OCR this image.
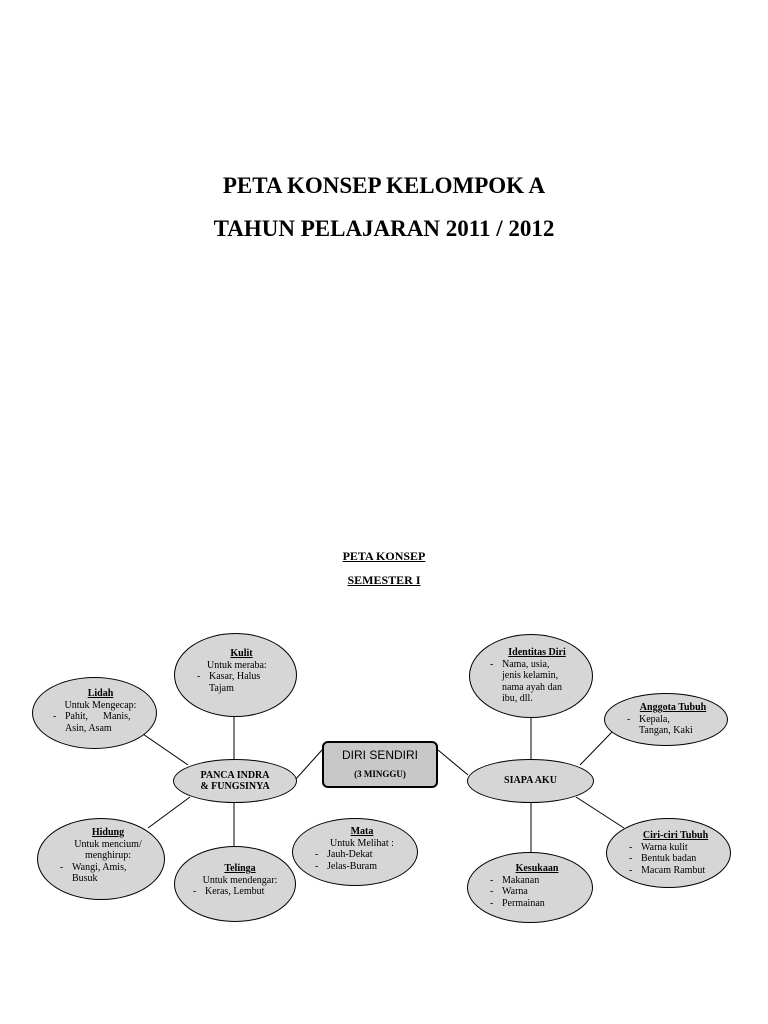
PETA KONSEP KELOMPOK A
TAHUN PELAJARAN 2011 / 2012
PETA KONSEP
SEMESTER I
Kulit
Untuk meraba:
- Kasar, Halus
Tajam
Lidah
Untuk Mengecap:
- Pahit,      Manis,
Asin, Asam
PANCA INDRA
& FUNGSINYA
Hidung
Untuk mencium/
menghirup:
- Wangi, Amis,
Busuk
Telinga
Untuk mendengar:
- Keras, Lembut
DIRI SENDIRI
(3 MINGGU)
Mata
Untuk Melihat :
- Jauh-Dekat
- Jelas-Buram
Identitas Diri
- Nama, usia,
jenis kelamin,
nama ayah dan
ibu, dll.
Anggota Tubuh
- Kepala,
Tangan, Kaki
SIAPA AKU
Ciri-ciri Tubuh
- Warna kulit
- Bentuk badan
- Macam Rambut
Kesukaan
- Makanan
- Warna
- Permainan
